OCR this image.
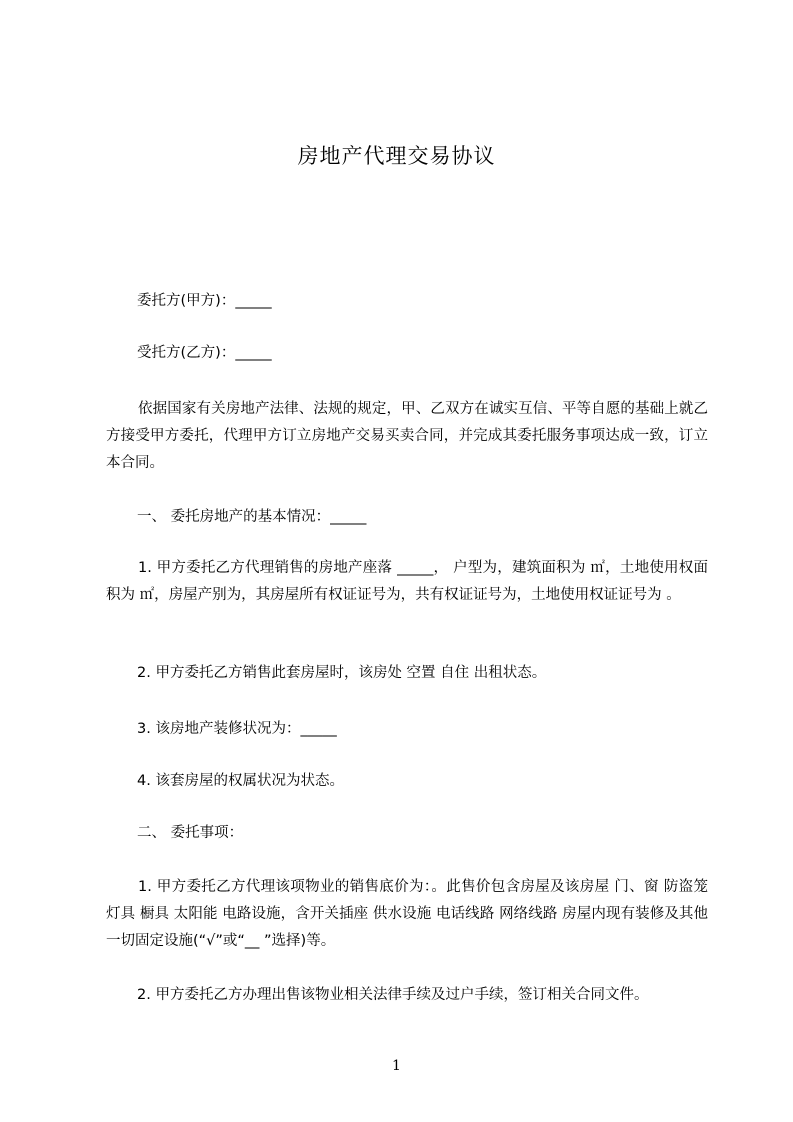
房地产代理交易协议
委托方(甲方)：_____
受托方(乙方)：_____
依据国家有关房地产法律、法规的规定，甲、乙双方在诚实互信、平等自愿的基础上就乙方接受甲方委托，代理甲方订立房地产交易买卖合同，并完成其委托服务事项达成一致，订立本合同。
一、 委托房地产的基本情况：_____
1. 甲方委托乙方代理销售的房地产座落 _____， 户型为，建筑面积为 ㎡，土地使用权面积为 ㎡，房屋产别为，其房屋所有权证证号为，共有权证证号为，土地使用权证证号为 。
2. 甲方委托乙方销售此套房屋时，该房处 空置 自住 出租状态。
3. 该房地产装修状况为：_____
4. 该套房屋的权属状况为状态。
二、 委托事项：
1. 甲方委托乙方代理该项物业的销售底价为：。此售价包含房屋及该房屋 门、窗 防盗笼 灯具 橱具 太阳能 电路设施，含开关插座 供水设施 电话线路 网络线路 房屋内现有装修及其他一切固定设施(“√”或“__ ”选择)等。
2. 甲方委托乙方办理出售该物业相关法律手续及过户手续，签订相关合同文件。
1
